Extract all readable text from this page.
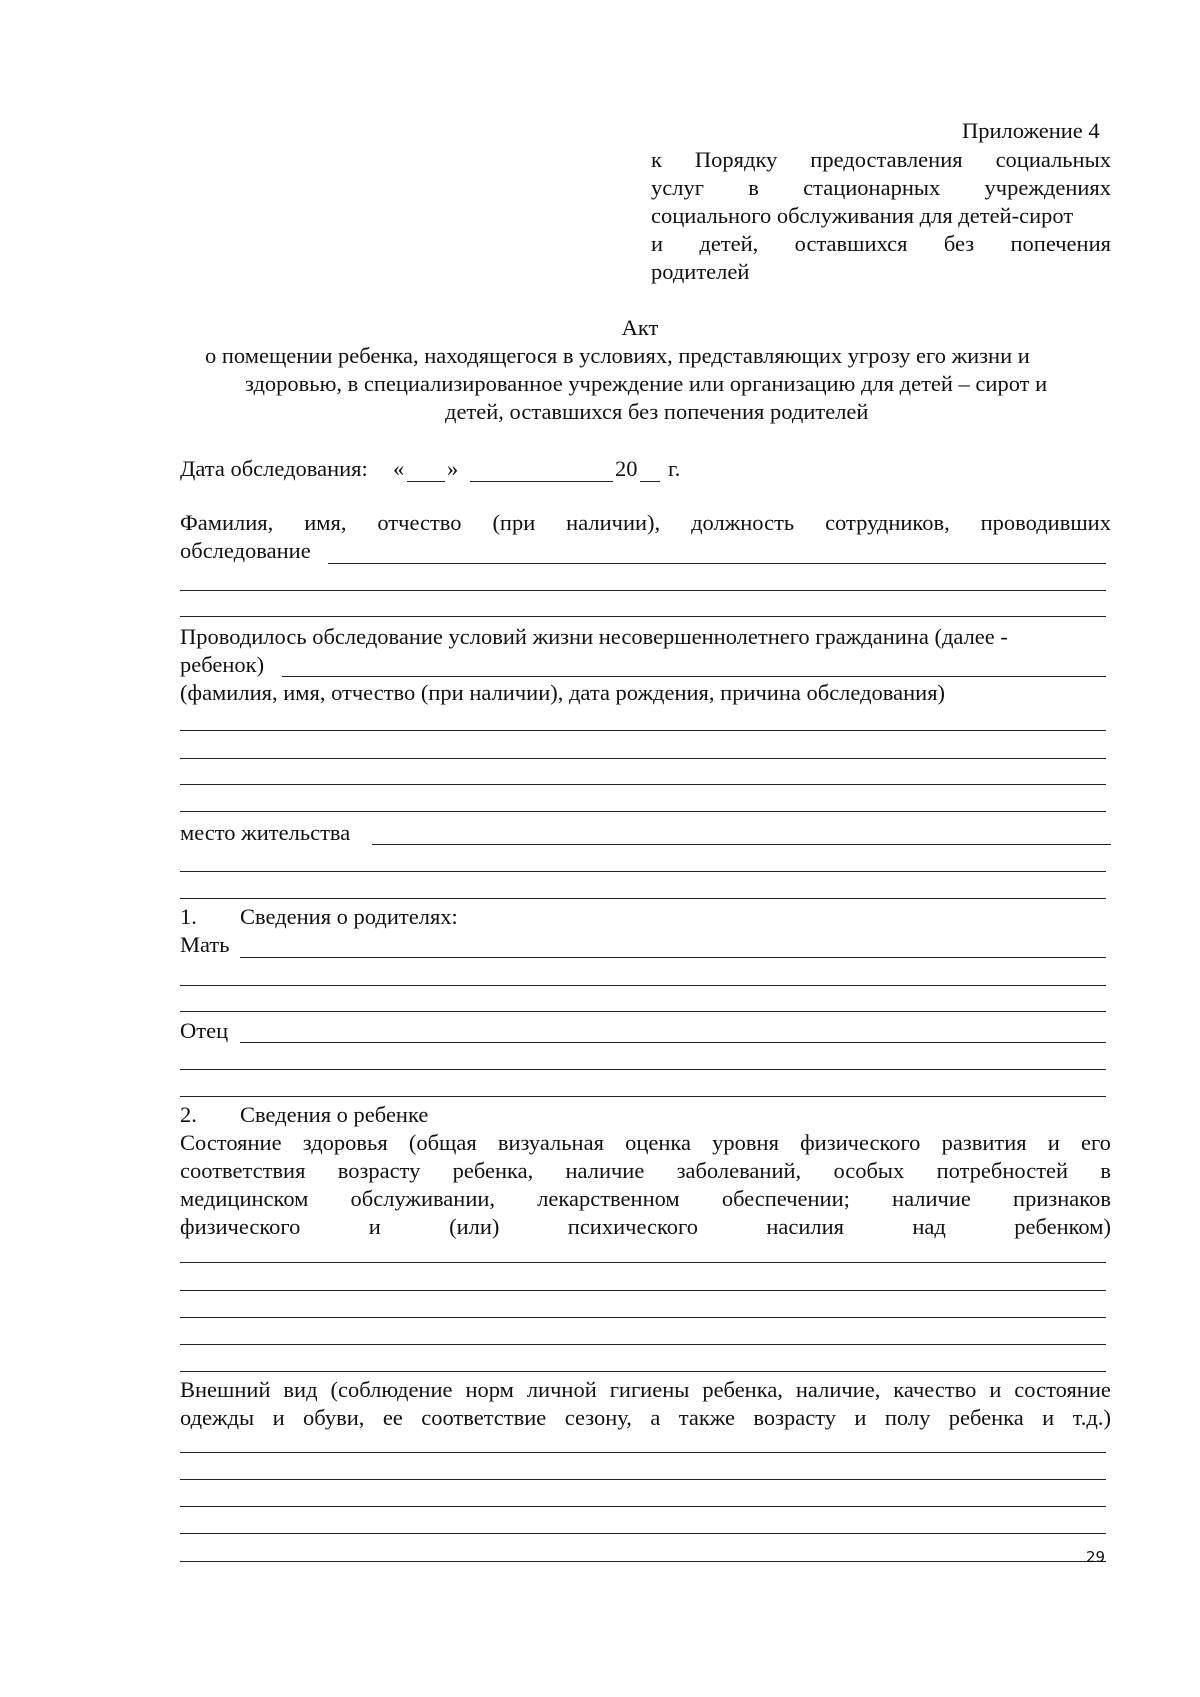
Приложение 4
к Порядку предоставления социальных
услуг в стационарных учреждениях
социального обслуживания для детей-сирот
и детей, оставшихся без попечения
родителей
Акт
о помещении ребенка, находящегося в условиях, представляющих угрозу его жизни и
здоровью, в специализированное учреждение или организацию для детей – сирот и
детей, оставшихся без попечения родителей
Дата обследования: « »	20 г.
Фамилия, имя, отчество (при наличии), должность сотрудников, проводивших
обследование
Проводилось обследование условий жизни несовершеннолетнего гражданина (далее -
ребенок)
(фамилия, имя, отчество (при наличии), дата рождения, причина обследования)
место жительства
1. Сведения о родителях:
Мать
Отец
2. Сведения о ребенке
Состояние здоровья (общая визуальная оценка уровня физического развития и его
соответствия возрасту ребенка, наличие заболеваний, особых потребностей в
медицинском обслуживании, лекарственном обеспечении; наличие признаков
физического	и	(или)	психического	насилия	над	ребенком)
Внешний вид (соблюдение норм личной гигиены ребенка, наличие, качество и состояние
одежды и обуви, ее соответствие сезону, а также возрасту и полу ребенка и т.д.)
29
